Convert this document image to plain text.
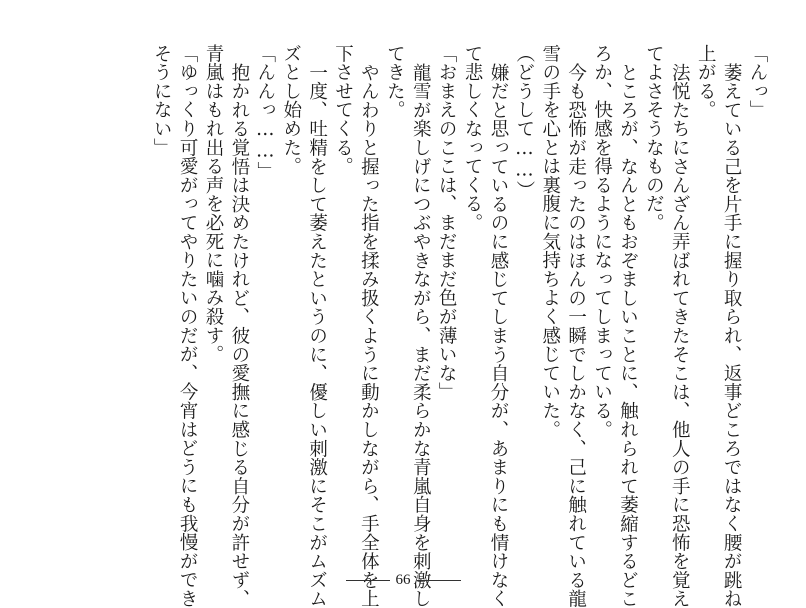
「んっ」

萎えている己を片手に握り取られ、返事どころではなく腰が跳ね

上がる。

法悦たちにさんざん弄ばれてきたそこは、他人の手に恐怖を覚え

てよさそうなものだ。

ところが、なんともおぞましいことに、触れられて萎縮するどこ

ろか、快感を得るようになってしまっている。

今も恐怖が走ったのはほんの一瞬でしかなく、己に触れている龍

雪の手を心とは裏腹に気持ちよく感じていた。

（どうして……）

嫌だと思っているのに感じてしまう自分が、あまりにも情けなく

て悲しくなってくる。

「おまえのここは、まだまだ色が薄いな」

龍雪が楽しげにつぶやきながら、まだ柔らかな青嵐自身を刺激し

てきた。

やんわりと握った指を揉み扱くように動かしながら、手全体を上

下させてくる。

一度、吐精をして萎えたというのに、優しい刺激にそこがムズム

ズとし始めた。

「んんっ……」

抱かれる覚悟は決めたけれど、彼の愛撫に感じる自分が許せず、

青嵐はもれ出る声を必死に噛み殺す。

「ゆっくり可愛がってやりたいのだが、今宵はどうにも我慢ができ

そうにない」

66
